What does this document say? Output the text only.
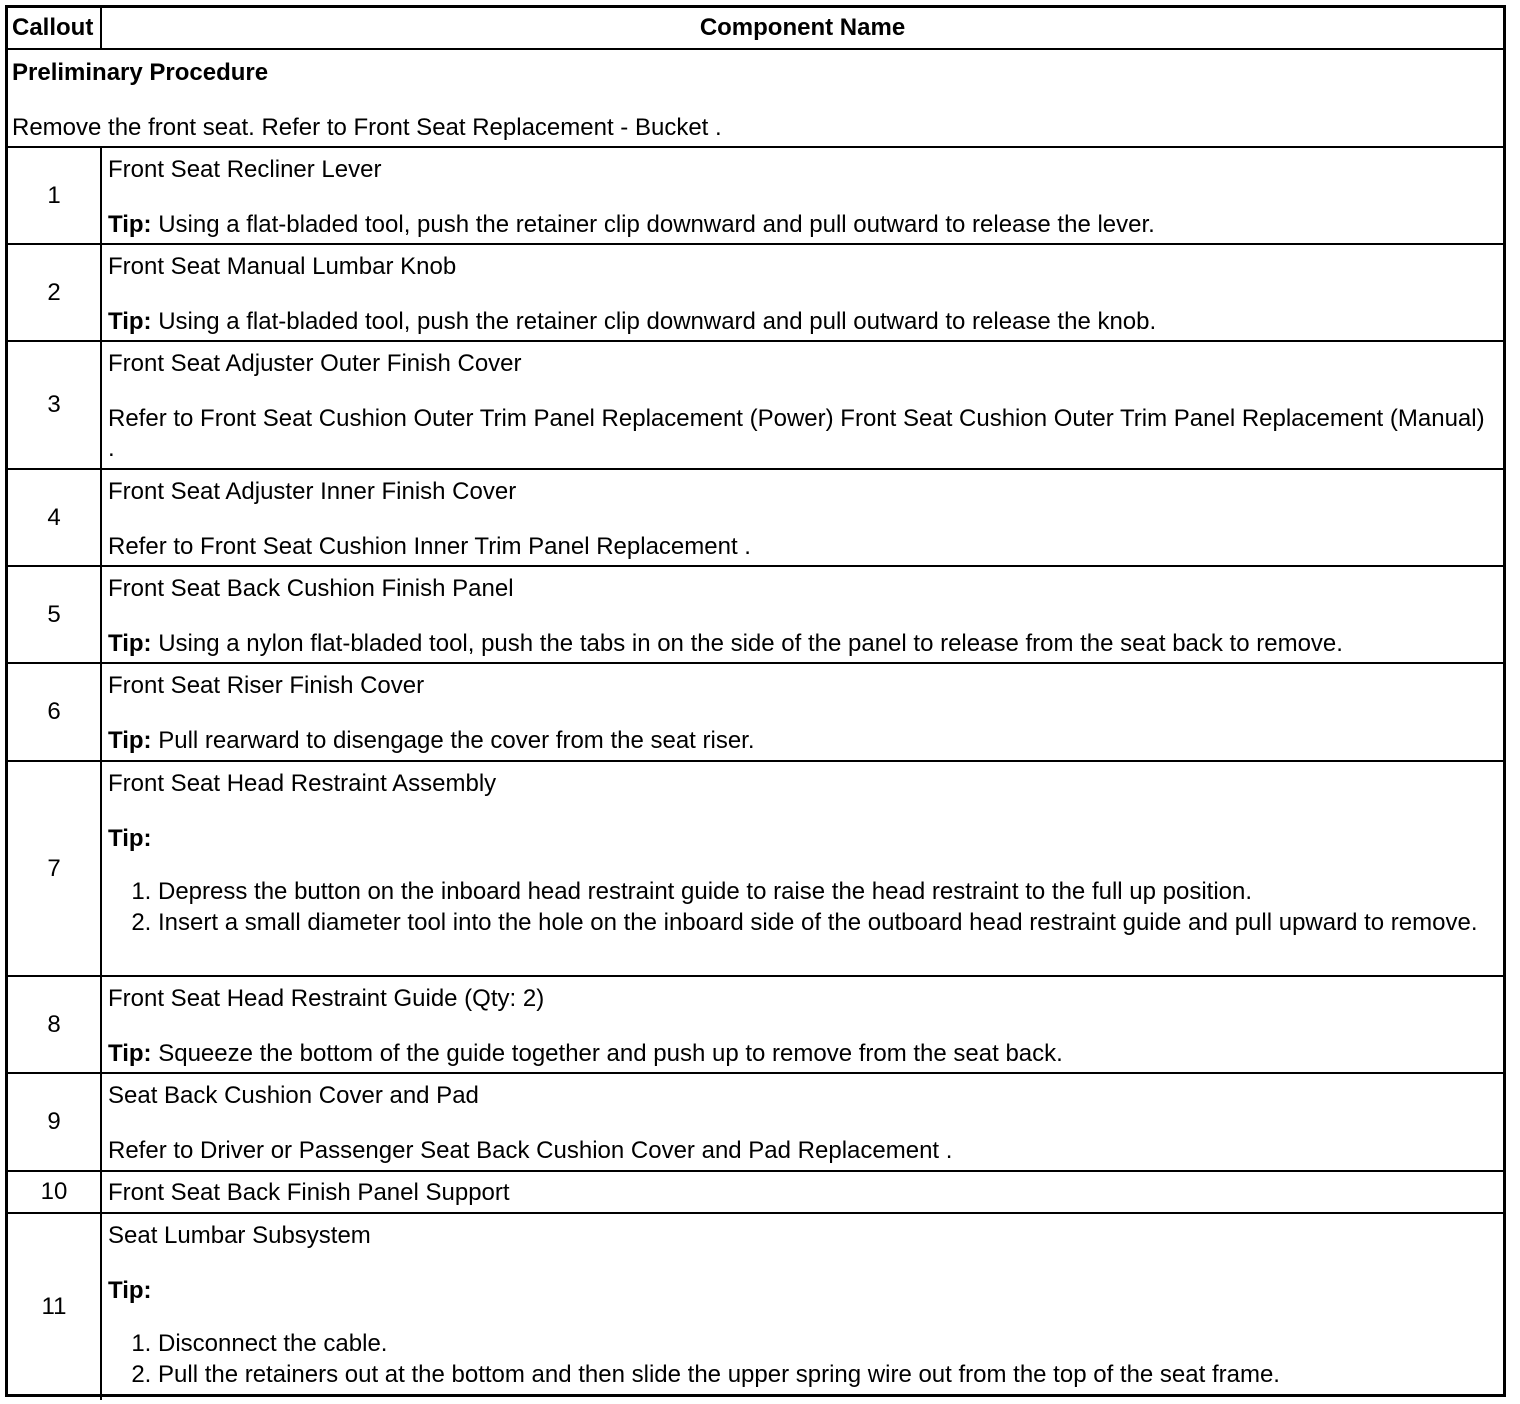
Callout	Component Name

Preliminary Procedure

Remove the front seat. Refer to Front Seat Replacement - Bucket .

1

Front Seat Recliner Lever

Tip: Using a flat-bladed tool, push the retainer clip downward and pull outward to release the lever.

2

Front Seat Manual Lumbar Knob

Tip: Using a flat-bladed tool, push the retainer clip downward and pull outward to release the knob.

3

Front Seat Adjuster Outer Finish Cover

Refer to Front Seat Cushion Outer Trim Panel Replacement (Power) Front Seat Cushion Outer Trim Panel Replacement (Manual) .

4

Front Seat Adjuster Inner Finish Cover

Refer to Front Seat Cushion Inner Trim Panel Replacement .

5

Front Seat Back Cushion Finish Panel

Tip: Using a nylon flat-bladed tool, push the tabs in on the side of the panel to release from the seat back to remove.

6

Front Seat Riser Finish Cover

Tip: Pull rearward to disengage the cover from the seat riser.

7

Front Seat Head Restraint Assembly

Tip:

1. Depress the button on the inboard head restraint guide to raise the head restraint to the full up position.
2. Insert a small diameter tool into the hole on the inboard side of the outboard head restraint guide and pull upward to remove.
8

Front Seat Head Restraint Guide (Qty: 2)

Tip: Squeeze the bottom of the guide together and push up to remove from the seat back.

9

Seat Back Cushion Cover and Pad

Refer to Driver or Passenger Seat Back Cushion Cover and Pad Replacement .

10	Front Seat Back Finish Panel Support

11

Seat Lumbar Subsystem

Tip:

1. Disconnect the cable.
2. Pull the retainers out at the bottom and then slide the upper spring wire out from the top of the seat frame.
